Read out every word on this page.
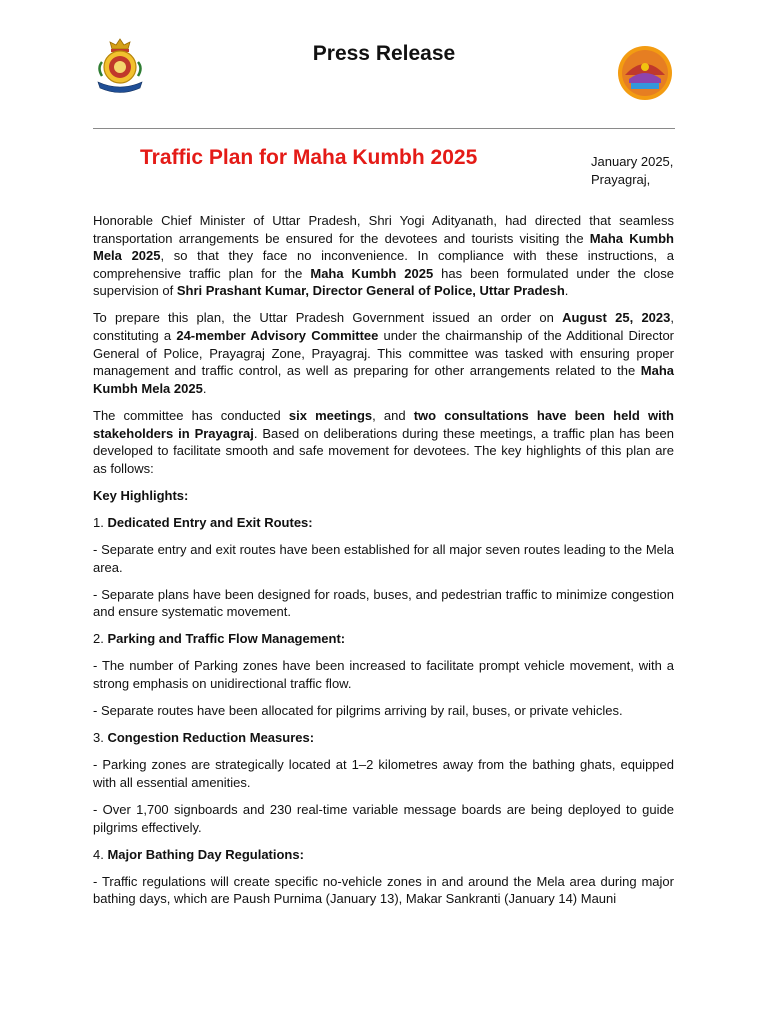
Press Release
Traffic Plan for Maha Kumbh 2025	January 2025,
Prayagraj,

Honorable Chief Minister of Uttar Pradesh, Shri Yogi Adityanath, had directed that seamless transportation arrangements be ensured for the devotees and tourists visiting the Maha Kumbh Mela 2025, so that they face no inconvenience. In compliance with these instructions, a comprehensive traffic plan for the Maha Kumbh 2025 has been formulated under the close supervision of Shri Prashant Kumar, Director General of Police, Uttar Pradesh.

To prepare this plan, the Uttar Pradesh Government issued an order on August 25, 2023, constituting a 24-member Advisory Committee under the chairmanship of the Additional Director General of Police, Prayagraj Zone, Prayagraj. This committee was tasked with ensuring proper management and traffic control, as well as preparing for other arrangements related to the Maha Kumbh Mela 2025.

The committee has conducted six meetings, and two consultations have been held with stakeholders in Prayagraj. Based on deliberations during these meetings, a traffic plan has been developed to facilitate smooth and safe movement for devotees. The key highlights of this plan are as follows:

Key Highlights:

1. Dedicated Entry and Exit Routes:

- Separate entry and exit routes have been established for all major seven routes leading to the Mela area.

- Separate plans have been designed for roads, buses, and pedestrian traffic to minimize congestion and ensure systematic movement.

2. Parking and Traffic Flow Management:

- The number of Parking zones have been increased to facilitate prompt vehicle movement, with a strong emphasis on unidirectional traffic flow.

- Separate routes have been allocated for pilgrims arriving by rail, buses, or private vehicles.

3. Congestion Reduction Measures:

- Parking zones are strategically located at 1–2 kilometres away from the bathing ghats, equipped with all essential amenities.

- Over 1,700 signboards and 230 real-time variable message boards are being deployed to guide pilgrims effectively.

4. Major Bathing Day Regulations:

- Traffic regulations will create specific no-vehicle zones in and around the Mela area during major bathing days, which are Paush Purnima (January 13), Makar Sankranti (January 14) Mauni
